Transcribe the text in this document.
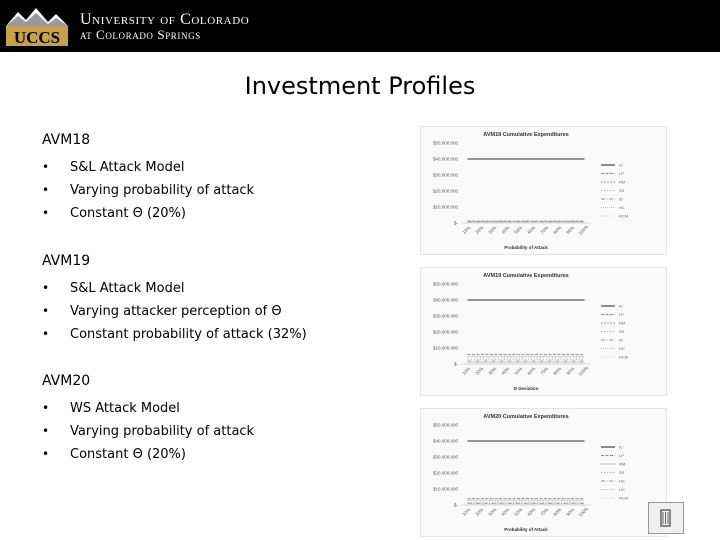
UCCS
University of Colorado
at Colorado Springs
Investment Profiles
AVM18
• S&L Attack Model
• Varying probability of attack
• Constant Θ (20%)
AVM19
• S&L Attack Model
• Varying attacker perception of Θ
• Constant probability of attack (32%)
AVM20
• WS Attack Model
• Varying probability of attack
• Constant Θ (20%)
AVM18 Cumulative Expenditures
$50,000,000
$40,000,000
$30,000,000
$20,000,000
$10,000,000
$-
10% 20% 30% 40% 50% 60% 70% 80% 90% 100%
Probability of Attack
IC
LP
RM
SS
ID
HC
RCM
AVM19 Cumulative Expenditures
$50,000,000
$40,000,000
$30,000,000
$20,000,000
$10,000,000
$-
10% 20% 30% 40% 50% 60% 70% 80% 90% 100%
Θ Deviation
IC
LP
RM
SS
ID
HC
RCM
AVM20 Cumulative Expenditures
$50,000,000
$40,000,000
$30,000,000
$20,000,000
$10,000,000
$-
10% 20% 30% 40% 50% 60% 70% 80% 90% 100%
Probability of Attack
IC
LP
RM
SS
HC
HC
RCM
